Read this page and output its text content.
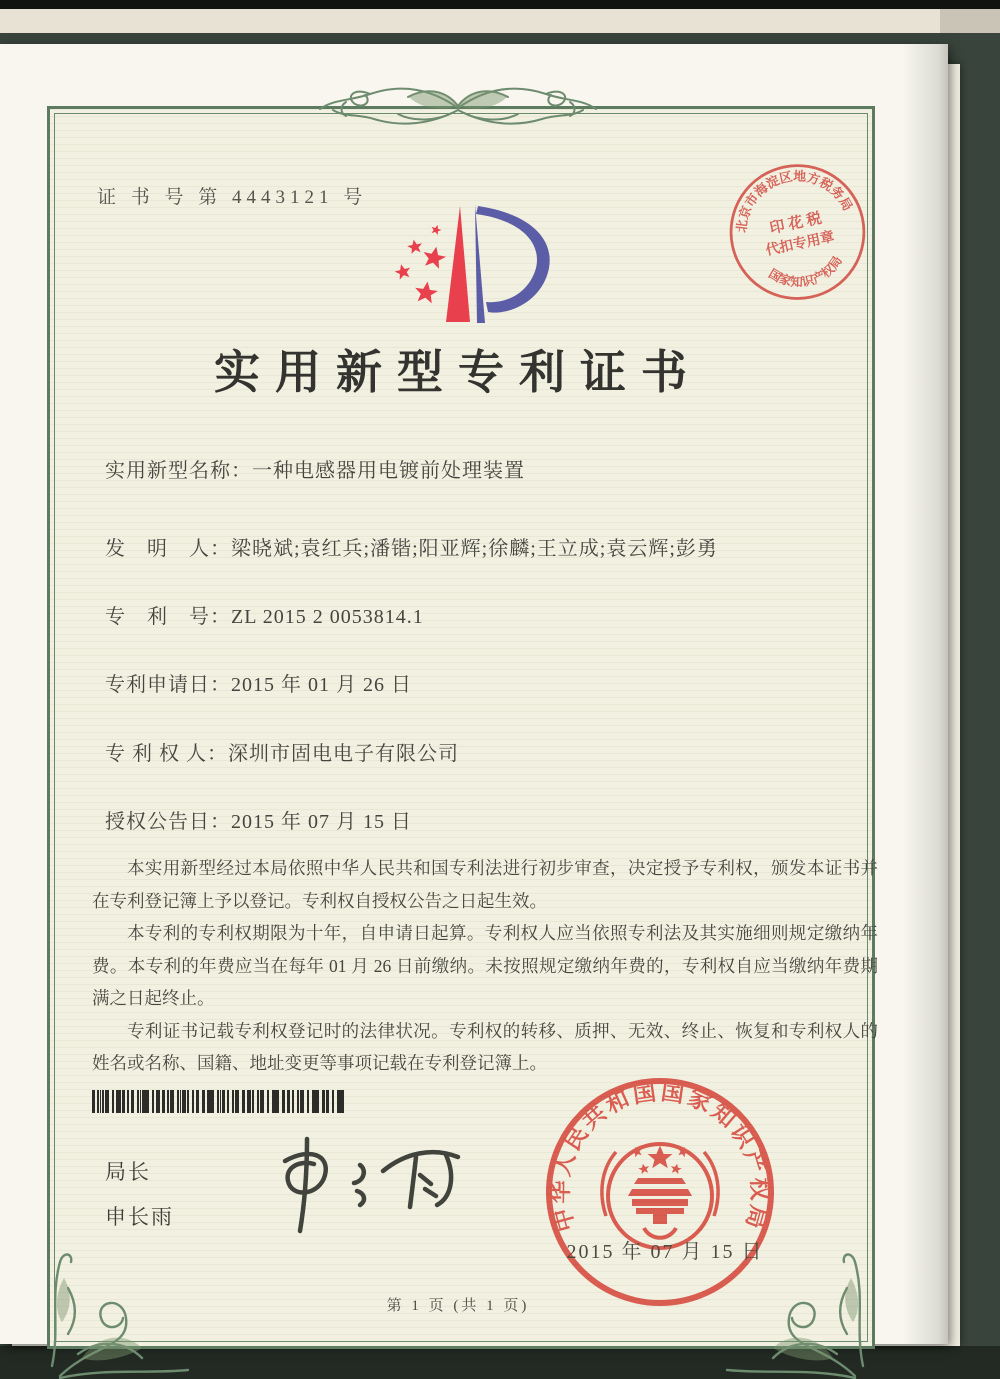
证 书 号 第 4443121 号
北京市海淀区地方税务局
国家知识产权局
印 花 税
代扣专用章
实用新型专利证书
实用新型名称：一种电感器用电镀前处理装置
发　明　人：梁晓斌;袁红兵;潘锴;阳亚辉;徐麟;王立成;袁云辉;彭勇
专　利　号：ZL 2015 2 0053814.1
专利申请日：2015 年 01 月 26 日
专 利 权 人：深圳市固电电子有限公司
授权公告日：2015 年 07 月 15 日

本实用新型经过本局依照中华人民共和国专利法进行初步审查，决定授予专利权，颁发本证书并在专利登记簿上予以登记。专利权自授权公告之日起生效。

本专利的专利权期限为十年，自申请日起算。专利权人应当依照专利法及其实施细则规定缴纳年费。本专利的年费应当在每年 01 月 26 日前缴纳。未按照规定缴纳年费的，专利权自应当缴纳年费期满之日起终止。

专利证书记载专利权登记时的法律状况。专利权的转移、质押、无效、终止、恢复和专利权人的姓名或名称、国籍、地址变更等事项记载在专利登记簿上。

局长
申长雨	中华人民共和国国家知识产权局
2015 年 07 月 15 日
第 1 页 (共 1 页)
